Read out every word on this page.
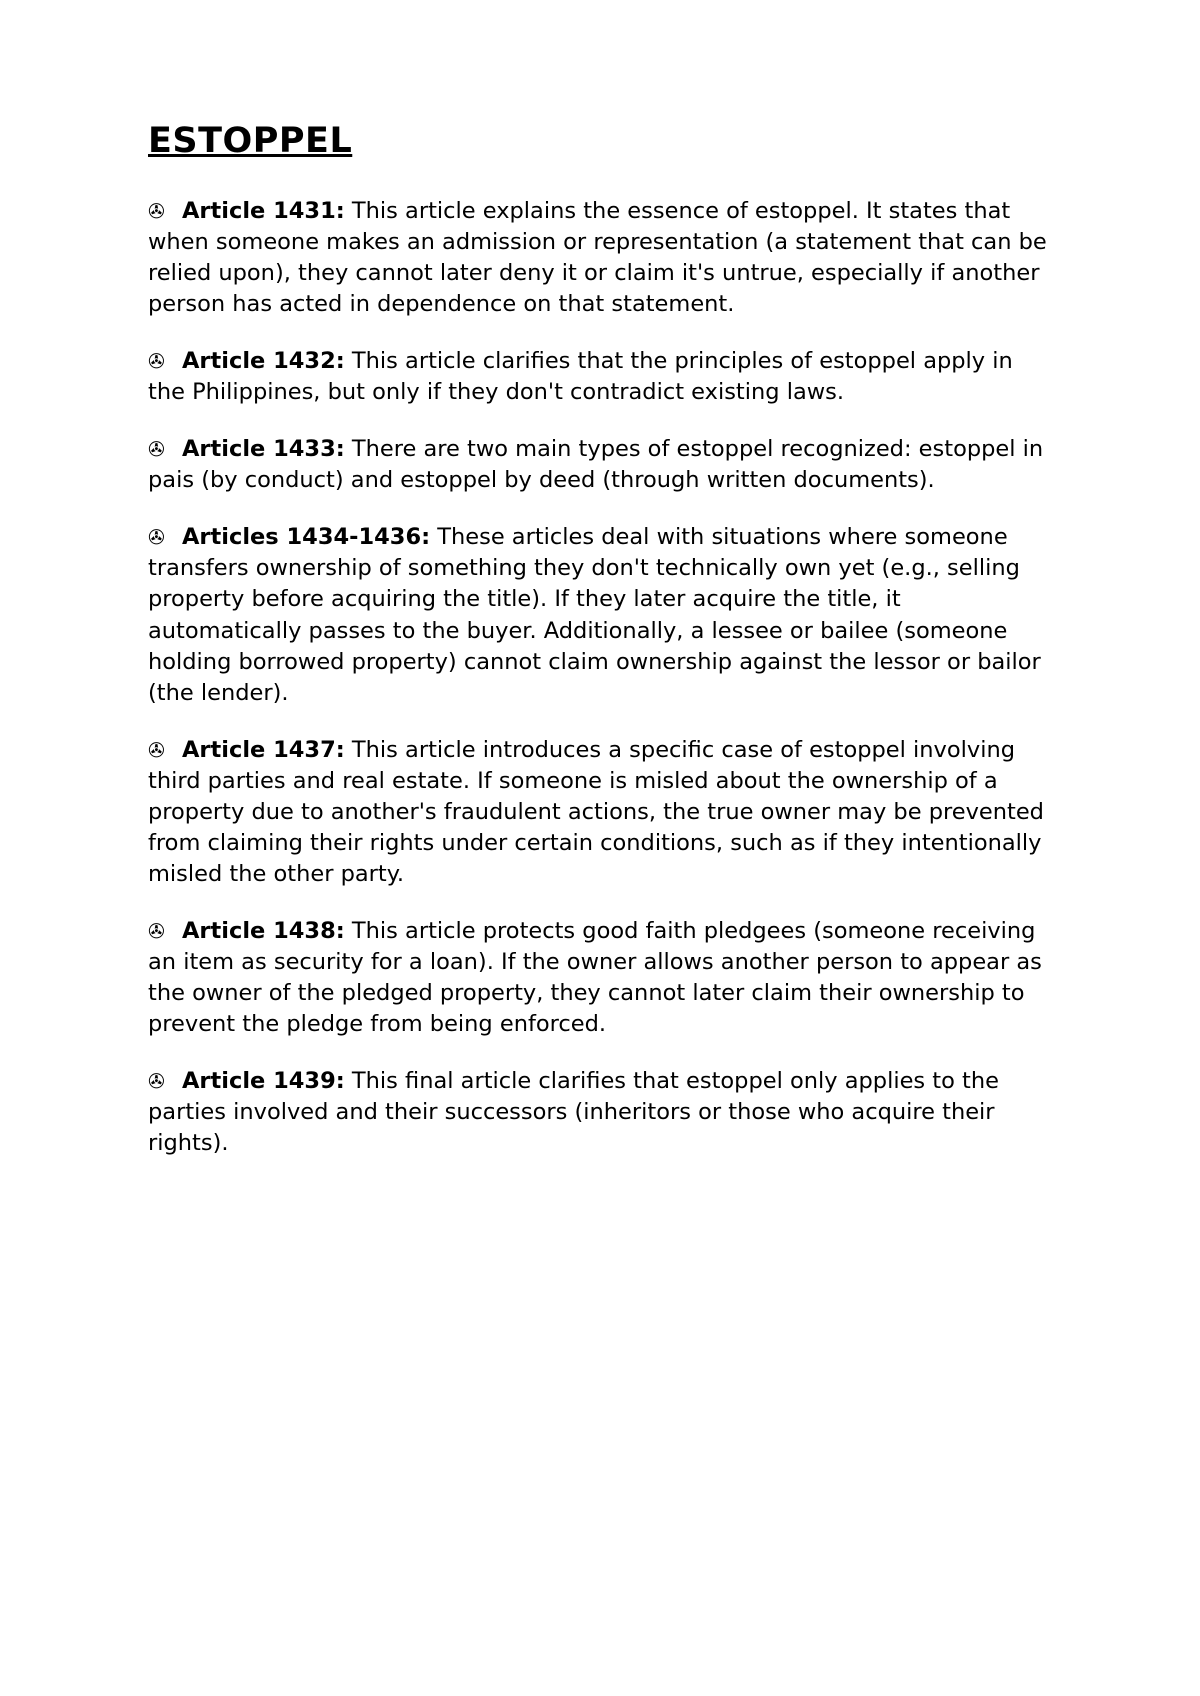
ESTOPPEL

✇ Article 1431: This article explains the essence of estoppel. It states that when someone makes an admission or representation (a statement that can be relied upon), they cannot later deny it or claim it's untrue, especially if another person has acted in dependence on that statement.

✇ Article 1432: This article clarifies that the principles of estoppel apply in the Philippines, but only if they don't contradict existing laws.

✇ Article 1433: There are two main types of estoppel recognized: estoppel in pais (by conduct) and estoppel by deed (through written documents).

✇ Articles 1434-1436: These articles deal with situations where someone transfers ownership of something they don't technically own yet (e.g., selling property before acquiring the title). If they later acquire the title, it automatically passes to the buyer. Additionally, a lessee or bailee (someone holding borrowed property) cannot claim ownership against the lessor or bailor (the lender).

✇ Article 1437: This article introduces a specific case of estoppel involving third parties and real estate. If someone is misled about the ownership of a property due to another's fraudulent actions, the true owner may be prevented from claiming their rights under certain conditions, such as if they intentionally misled the other party.

✇ Article 1438: This article protects good faith pledgees (someone receiving an item as security for a loan). If the owner allows another person to appear as the owner of the pledged property, they cannot later claim their ownership to prevent the pledge from being enforced.

✇ Article 1439: This final article clarifies that estoppel only applies to the parties involved and their successors (inheritors or those who acquire their rights).
